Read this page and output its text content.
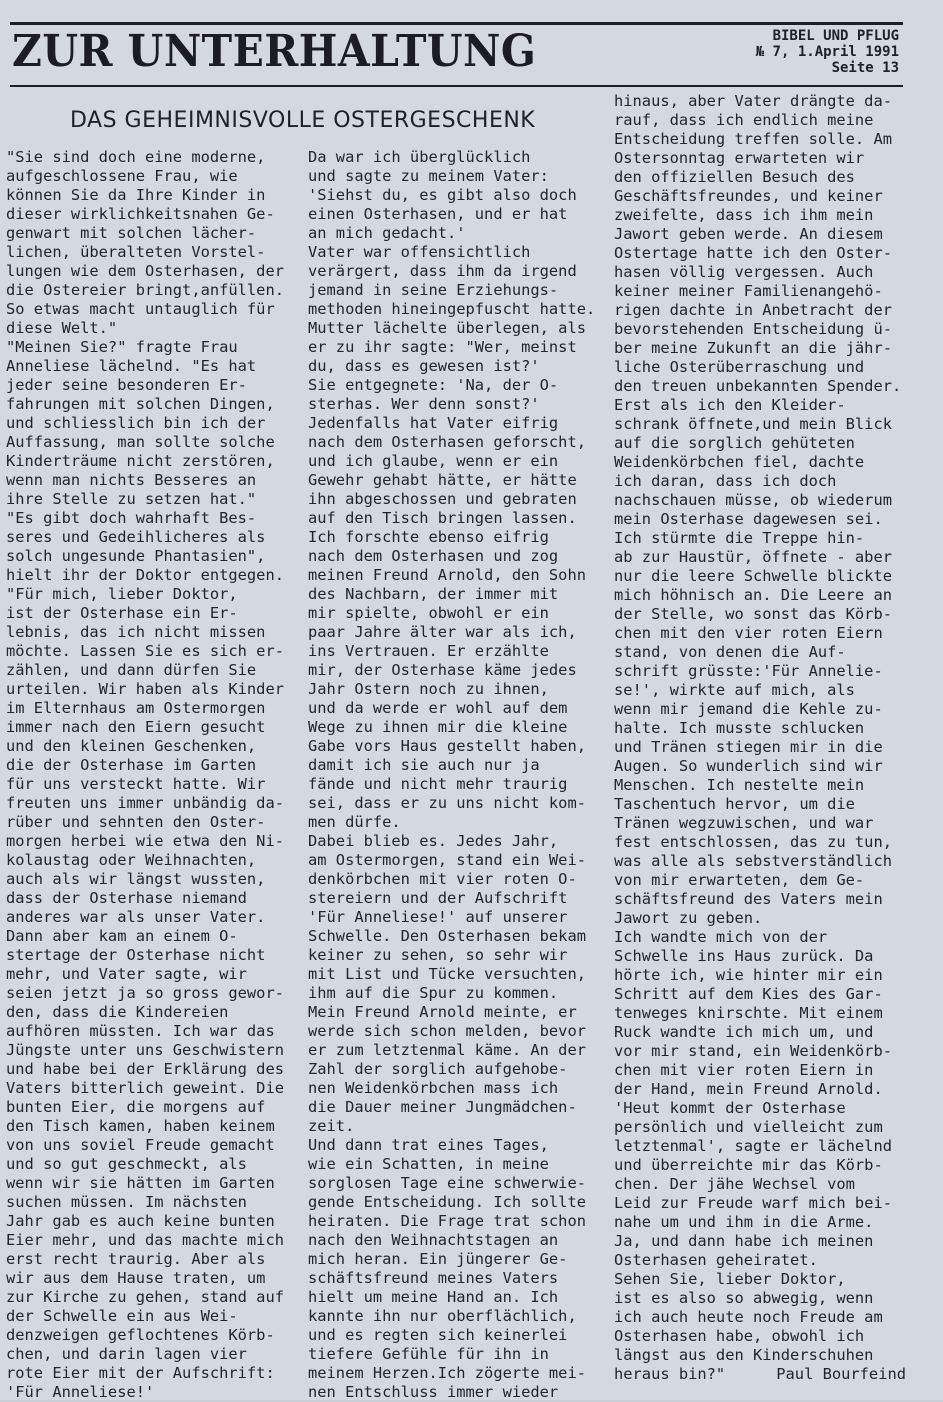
ZUR UNTERHALTUNG	BIBEL UND PFLUG
№ 7, 1.April 1991
Seite 13
DAS GEHEIMNISVOLLE OSTERGESCHENK
"Sie sind doch eine moderne,
aufgeschlossene Frau, wie
können Sie da Ihre Kinder in
dieser wirklichkeitsnahen Ge-
genwart mit solchen lächer-
lichen, überalteten Vorstel-
lungen wie dem Osterhasen, der
die Ostereier bringt,anfüllen.
So etwas macht untauglich für
diese Welt."
"Meinen Sie?" fragte Frau
Anneliese lächelnd. "Es hat
jeder seine besonderen Er-
fahrungen mit solchen Dingen,
und schliesslich bin ich der
Auffassung, man sollte solche
Kinderträume nicht zerstören,
wenn man nichts Besseres an
ihre Stelle zu setzen hat."
"Es gibt doch wahrhaft Bes-
seres und Gedeihlicheres als
solch ungesunde Phantasien",
hielt ihr der Doktor entgegen.
"Für mich, lieber Doktor,
ist der Osterhase ein Er-
lebnis, das ich nicht missen
möchte. Lassen Sie es sich er-
zählen, und dann dürfen Sie
urteilen. Wir haben als Kinder
im Elternhaus am Ostermorgen
immer nach den Eiern gesucht
und den kleinen Geschenken,
die der Osterhase im Garten
für uns versteckt hatte. Wir
freuten uns immer unbändig da-
rüber und sehnten den Oster-
morgen herbei wie etwa den Ni-
kolaustag oder Weihnachten,
auch als wir längst wussten,
dass der Osterhase niemand
anderes war als unser Vater.
Dann aber kam an einem O-
stertage der Osterhase nicht
mehr, und Vater sagte, wir
seien jetzt ja so gross gewor-
den, dass die Kindereien
aufhören müssten. Ich war das
Jüngste unter uns Geschwistern
und habe bei der Erklärung des
Vaters bitterlich geweint. Die
bunten Eier, die morgens auf
den Tisch kamen, haben keinem
von uns soviel Freude gemacht
und so gut geschmeckt, als
wenn wir sie hätten im Garten
suchen müssen. Im nächsten
Jahr gab es auch keine bunten
Eier mehr, und das machte mich
erst recht traurig. Aber als
wir aus dem Hause traten, um
zur Kirche zu gehen, stand auf
der Schwelle ein aus Wei-
denzweigen geflochtenes Körb-
chen, und darin lagen vier
rote Eier mit der Aufschrift:
'Für Anneliese!'
Da war ich überglücklich
und sagte zu meinem Vater:
'Siehst du, es gibt also doch
einen Osterhasen, und er hat
an mich gedacht.'
Vater war offensichtlich
verärgert, dass ihm da irgend
jemand in seine Erziehungs-
methoden hineingepfuscht hatte.
Mutter lächelte überlegen, als
er zu ihr sagte: "Wer, meinst
du, dass es gewesen ist?'
Sie entgegnete: 'Na, der O-
sterhas. Wer denn sonst?'
Jedenfalls hat Vater eifrig
nach dem Osterhasen geforscht,
und ich glaube, wenn er ein
Gewehr gehabt hätte, er hätte
ihn abgeschossen und gebraten
auf den Tisch bringen lassen.
Ich forschte ebenso eifrig
nach dem Osterhasen und zog
meinen Freund Arnold, den Sohn
des Nachbarn, der immer mit
mir spielte, obwohl er ein
paar Jahre älter war als ich,
ins Vertrauen. Er erzählte
mir, der Osterhase käme jedes
Jahr Ostern noch zu ihnen,
und da werde er wohl auf dem
Wege zu ihnen mir die kleine
Gabe vors Haus gestellt haben,
damit ich sie auch nur ja
fände und nicht mehr traurig
sei, dass er zu uns nicht kom-
men dürfe.
Dabei blieb es. Jedes Jahr,
am Ostermorgen, stand ein Wei-
denkörbchen mit vier roten O-
stereiern und der Aufschrift
'Für Anneliese!' auf unserer
Schwelle. Den Osterhasen bekam
keiner zu sehen, so sehr wir
mit List und Tücke versuchten,
ihm auf die Spur zu kommen.
Mein Freund Arnold meinte, er
werde sich schon melden, bevor
er zum letztenmal käme. An der
Zahl der sorglich aufgehobe-
nen Weidenkörbchen mass ich
die Dauer meiner Jungmädchen-
zeit.
Und dann trat eines Tages,
wie ein Schatten, in meine
sorglosen Tage eine schwerwie-
gende Entscheidung. Ich sollte
heiraten. Die Frage trat schon
nach den Weihnachtstagen an
mich heran. Ein jüngerer Ge-
schäftsfreund meines Vaters
hielt um meine Hand an. Ich
kannte ihn nur oberflächlich,
und es regten sich keinerlei
tiefere Gefühle für ihn in
meinem Herzen.Ich zögerte mei-
nen Entschluss immer wieder
hinaus, aber Vater drängte da-
rauf, dass ich endlich meine
Entscheidung treffen solle. Am
Ostersonntag erwarteten wir
den offiziellen Besuch des
Geschäftsfreundes, und keiner
zweifelte, dass ich ihm mein
Jawort geben werde. An diesem
Ostertage hatte ich den Oster-
hasen völlig vergessen. Auch
keiner meiner Familienangehö-
rigen dachte in Anbetracht der
bevorstehenden Entscheidung ü-
ber meine Zukunft an die jähr-
liche Osterüberraschung und
den treuen unbekannten Spender.
Erst als ich den Kleider-
schrank öffnete,und mein Blick
auf die sorglich gehüteten
Weidenkörbchen fiel, dachte
ich daran, dass ich doch
nachschauen müsse, ob wiederum
mein Osterhase dagewesen sei.
Ich stürmte die Treppe hin-
ab zur Haustür, öffnete - aber
nur die leere Schwelle blickte
mich höhnisch an. Die Leere an
der Stelle, wo sonst das Körb-
chen mit den vier roten Eiern
stand, von denen die Auf-
schrift grüsste:'Für Annelie-
se!', wirkte auf mich, als
wenn mir jemand die Kehle zu-
halte. Ich musste schlucken
und Tränen stiegen mir in die
Augen. So wunderlich sind wir
Menschen. Ich nestelte mein
Taschentuch hervor, um die
Tränen wegzuwischen, und war
fest entschlossen, das zu tun,
was alle als sebstverständlich
von mir erwarteten, dem Ge-
schäftsfreund des Vaters mein
Jawort zu geben.
Ich wandte mich von der
Schwelle ins Haus zurück. Da
hörte ich, wie hinter mir ein
Schritt auf dem Kies des Gar-
tenweges knirschte. Mit einem
Ruck wandte ich mich um, und
vor mir stand, ein Weidenkörb-
chen mit vier roten Eiern in
der Hand, mein Freund Arnold.
'Heut kommt der Osterhase
persönlich und vielleicht zum
letztenmal', sagte er lächelnd
und überreichte mir das Körb-
chen. Der jähe Wechsel vom
Leid zur Freude warf mich bei-
nahe um und ihm in die Arme.
Ja, und dann habe ich meinen
Osterhasen geheiratet.
Sehen Sie, lieber Doktor,
ist es also so abwegig, wenn
ich auch heute noch Freude am
Osterhasen habe, obwohl ich
längst aus den Kinderschuhen
heraus bin?"	Paul Bourfeind
